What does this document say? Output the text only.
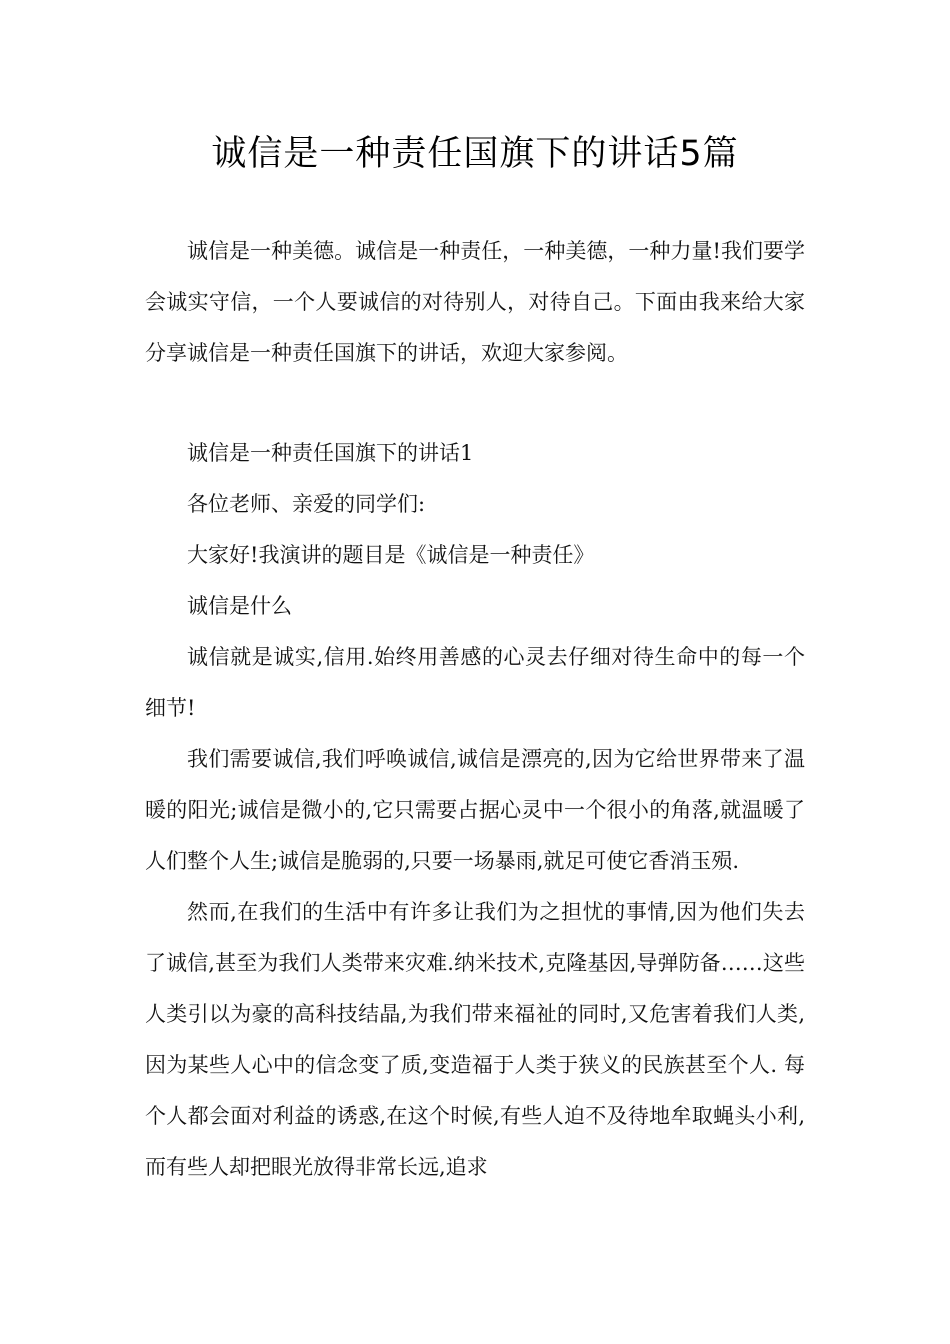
诚信是一种责任国旗下的讲话5篇

诚信是一种美德。诚信是一种责任，一种美德，一种力量!我们要学会诚实守信，一个人要诚信的对待别人，对待自己。下面由我来给大家分享诚信是一种责任国旗下的讲话，欢迎大家参阅。

诚信是一种责任国旗下的讲话1

各位老师、亲爱的同学们:

大家好!我演讲的题目是《诚信是一种责任》

诚信是什么

诚信就是诚实,信用.始终用善感的心灵去仔细对待生命中的每一个细节!

我们需要诚信,我们呼唤诚信,诚信是漂亮的,因为它给世界带来了温暖的阳光;诚信是微小的,它只需要占据心灵中一个很小的角落,就温暖了人们整个人生;诚信是脆弱的,只要一场暴雨,就足可使它香消玉殒.

然而,在我们的生活中有许多让我们为之担忧的事情,因为他们失去了诚信,甚至为我们人类带来灾难.纳米技术,克隆基因,导弹防备……这些人类引以为豪的高科技结晶,为我们带来福祉的同时,又危害着我们人类,因为某些人心中的信念变了质,变造福于人类于狭义的民族甚至个人. 每个人都会面对利益的诱惑,在这个时候,有些人迫不及待地牟取蝇头小利,而有些人却把眼光放得非常长远,追求
